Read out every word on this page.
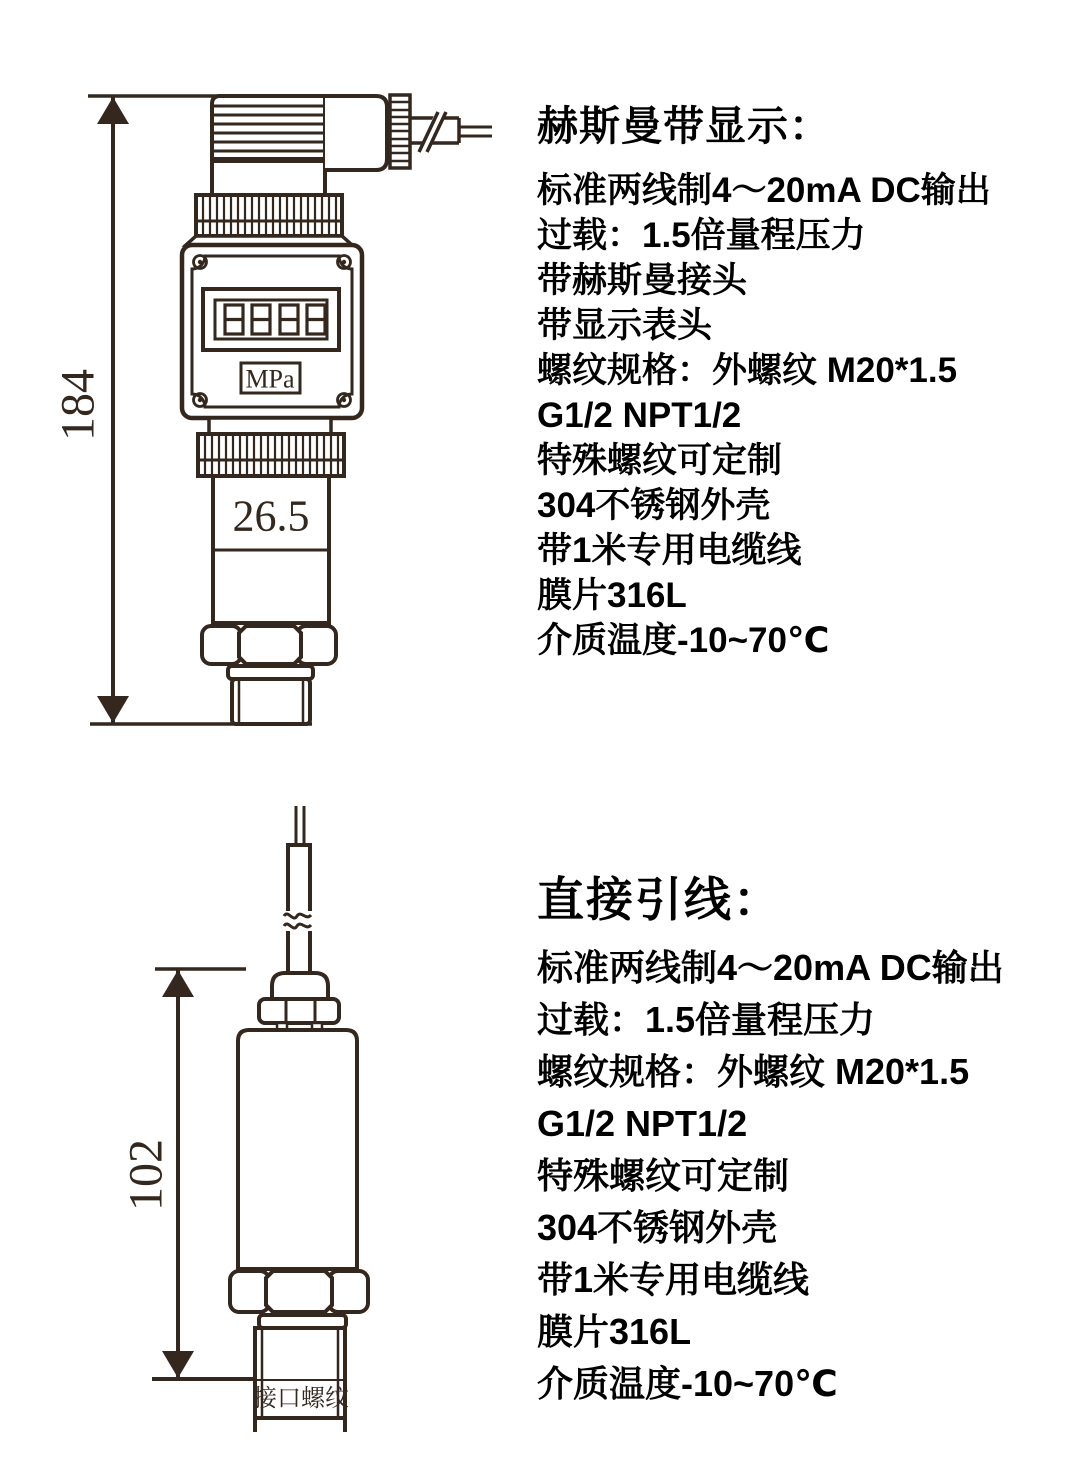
184	MPa
26.5
102
接口螺纹
赫斯曼带显示：
标准两线制4～20mA DC输出
过载：1.5倍量程压力
带赫斯曼接头
带显示表头
螺纹规格：外螺纹 M20*1.5
G1/2 NPT1/2
特殊螺纹可定制
304不锈钢外壳
带1米专用电缆线
膜片316L
介质温度-10~70℃
直接引线：
标准两线制4～20mA DC输出
过载：1.5倍量程压力
螺纹规格：外螺纹 M20*1.5
G1/2 NPT1/2
特殊螺纹可定制
304不锈钢外壳
带1米专用电缆线
膜片316L
介质温度-10~70℃
